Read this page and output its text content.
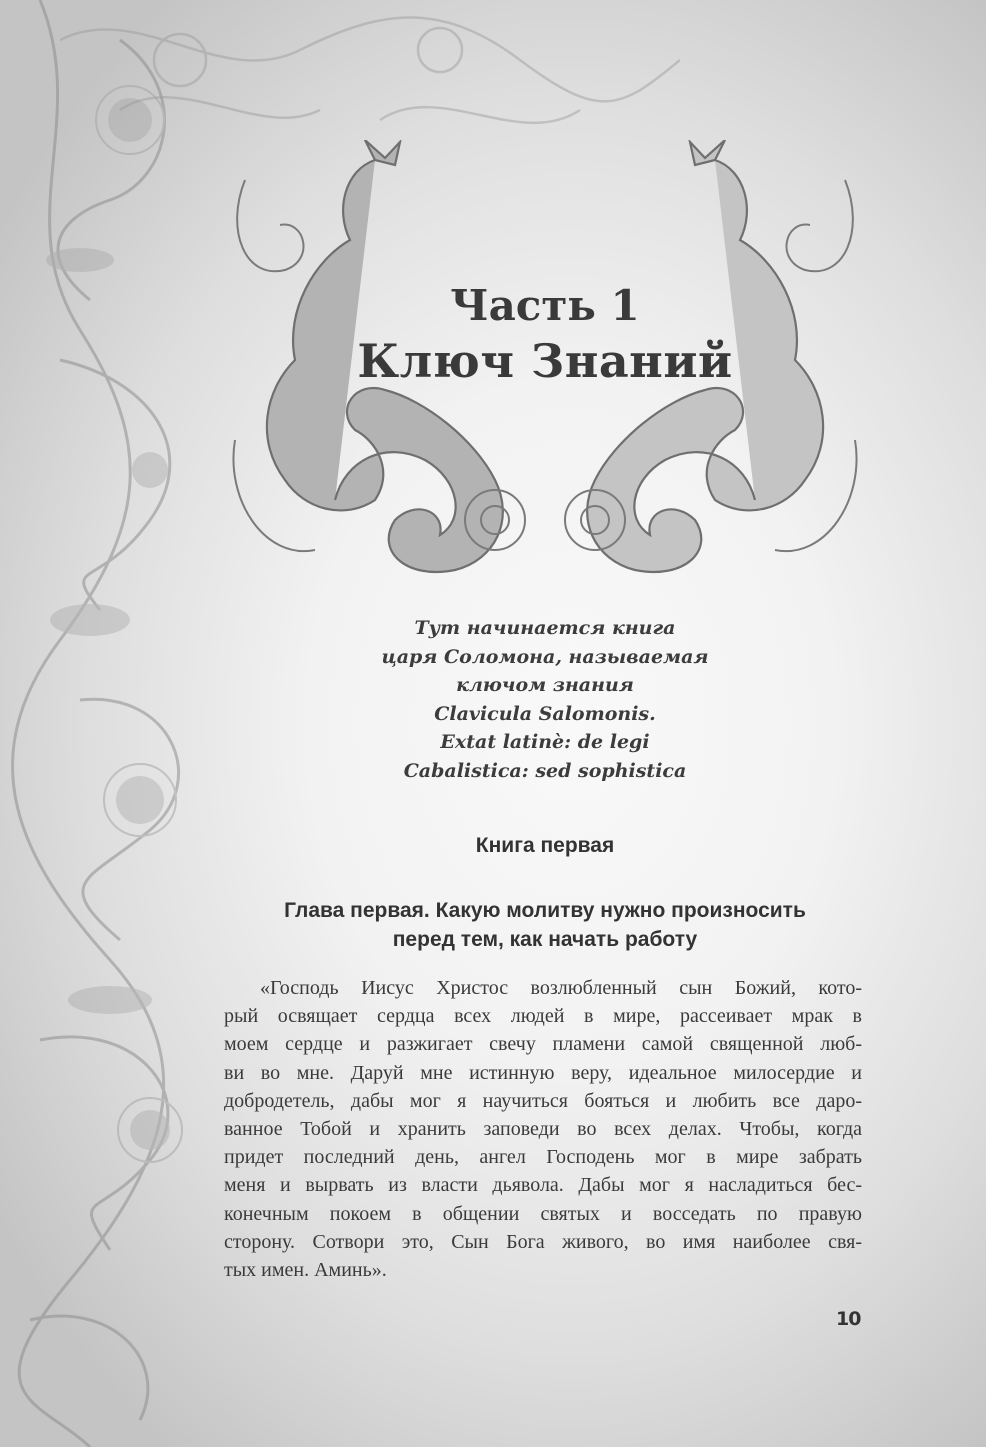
Часть 1
Ключ Знаний
Тут начинается книга
царя Соломона, называемая
ключом знания
Clavicula Salomonis.
Extat latinè: de legi
Cabalistica: sed sophistica
Книга первая
Глава первая. Какую молитву нужно произносить
перед тем, как начать работу
«Господь Иисус Христос возлюбленный сын Божий, кото-
рый освящает сердца всех людей в мире, рассеивает мрак в
моем сердце и разжигает свечу пламени самой священной люб-
ви во мне. Даруй мне истинную веру, идеальное милосердие и
добродетель, дабы мог я научиться бояться и любить все даро-
ванное Тобой и хранить заповеди во всех делах. Чтобы, когда
придет последний день, ангел Господень мог в мире забрать
меня и вырвать из власти дьявола. Дабы мог я насладиться бес-
конечным покоем в общении святых и восседать по правую
сторону. Сотвори это, Сын Бога живого, во имя наиболее свя-
тых имен. Аминь».
10
